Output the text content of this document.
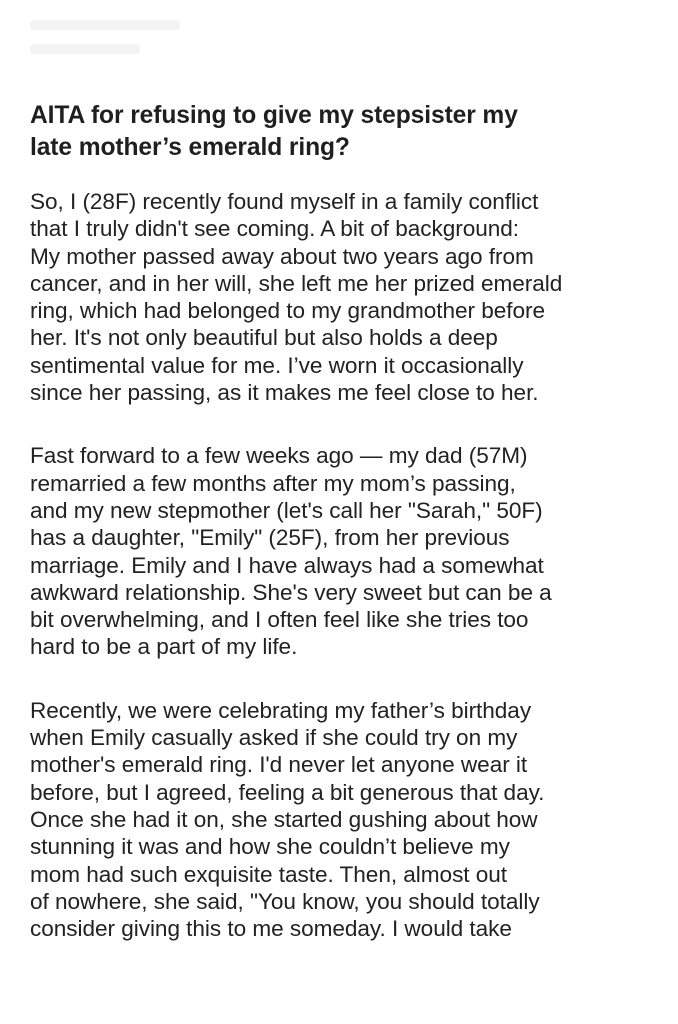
AITA for refusing to give my stepsister my
late mother’s emerald ring?

So, I (28F) recently found myself in a family conflict
that I truly didn't see coming. A bit of background:
My mother passed away about two years ago from
cancer, and in her will, she left me her prized emerald
ring, which had belonged to my grandmother before
her. It's not only beautiful but also holds a deep
sentimental value for me. I’ve worn it occasionally
since her passing, as it makes me feel close to her.

Fast forward to a few weeks ago — my dad (57M)
remarried a few months after my mom’s passing,
and my new stepmother (let's call her "Sarah," 50F)
has a daughter, "Emily" (25F), from her previous
marriage. Emily and I have always had a somewhat
awkward relationship. She's very sweet but can be a
bit overwhelming, and I often feel like she tries too
hard to be a part of my life.

Recently, we were celebrating my father’s birthday
when Emily casually asked if she could try on my
mother's emerald ring. I'd never let anyone wear it
before, but I agreed, feeling a bit generous that day.
Once she had it on, she started gushing about how
stunning it was and how she couldn’t believe my
mom had such exquisite taste. Then, almost out
of nowhere, she said, "You know, you should totally
consider giving this to me someday. I would take
